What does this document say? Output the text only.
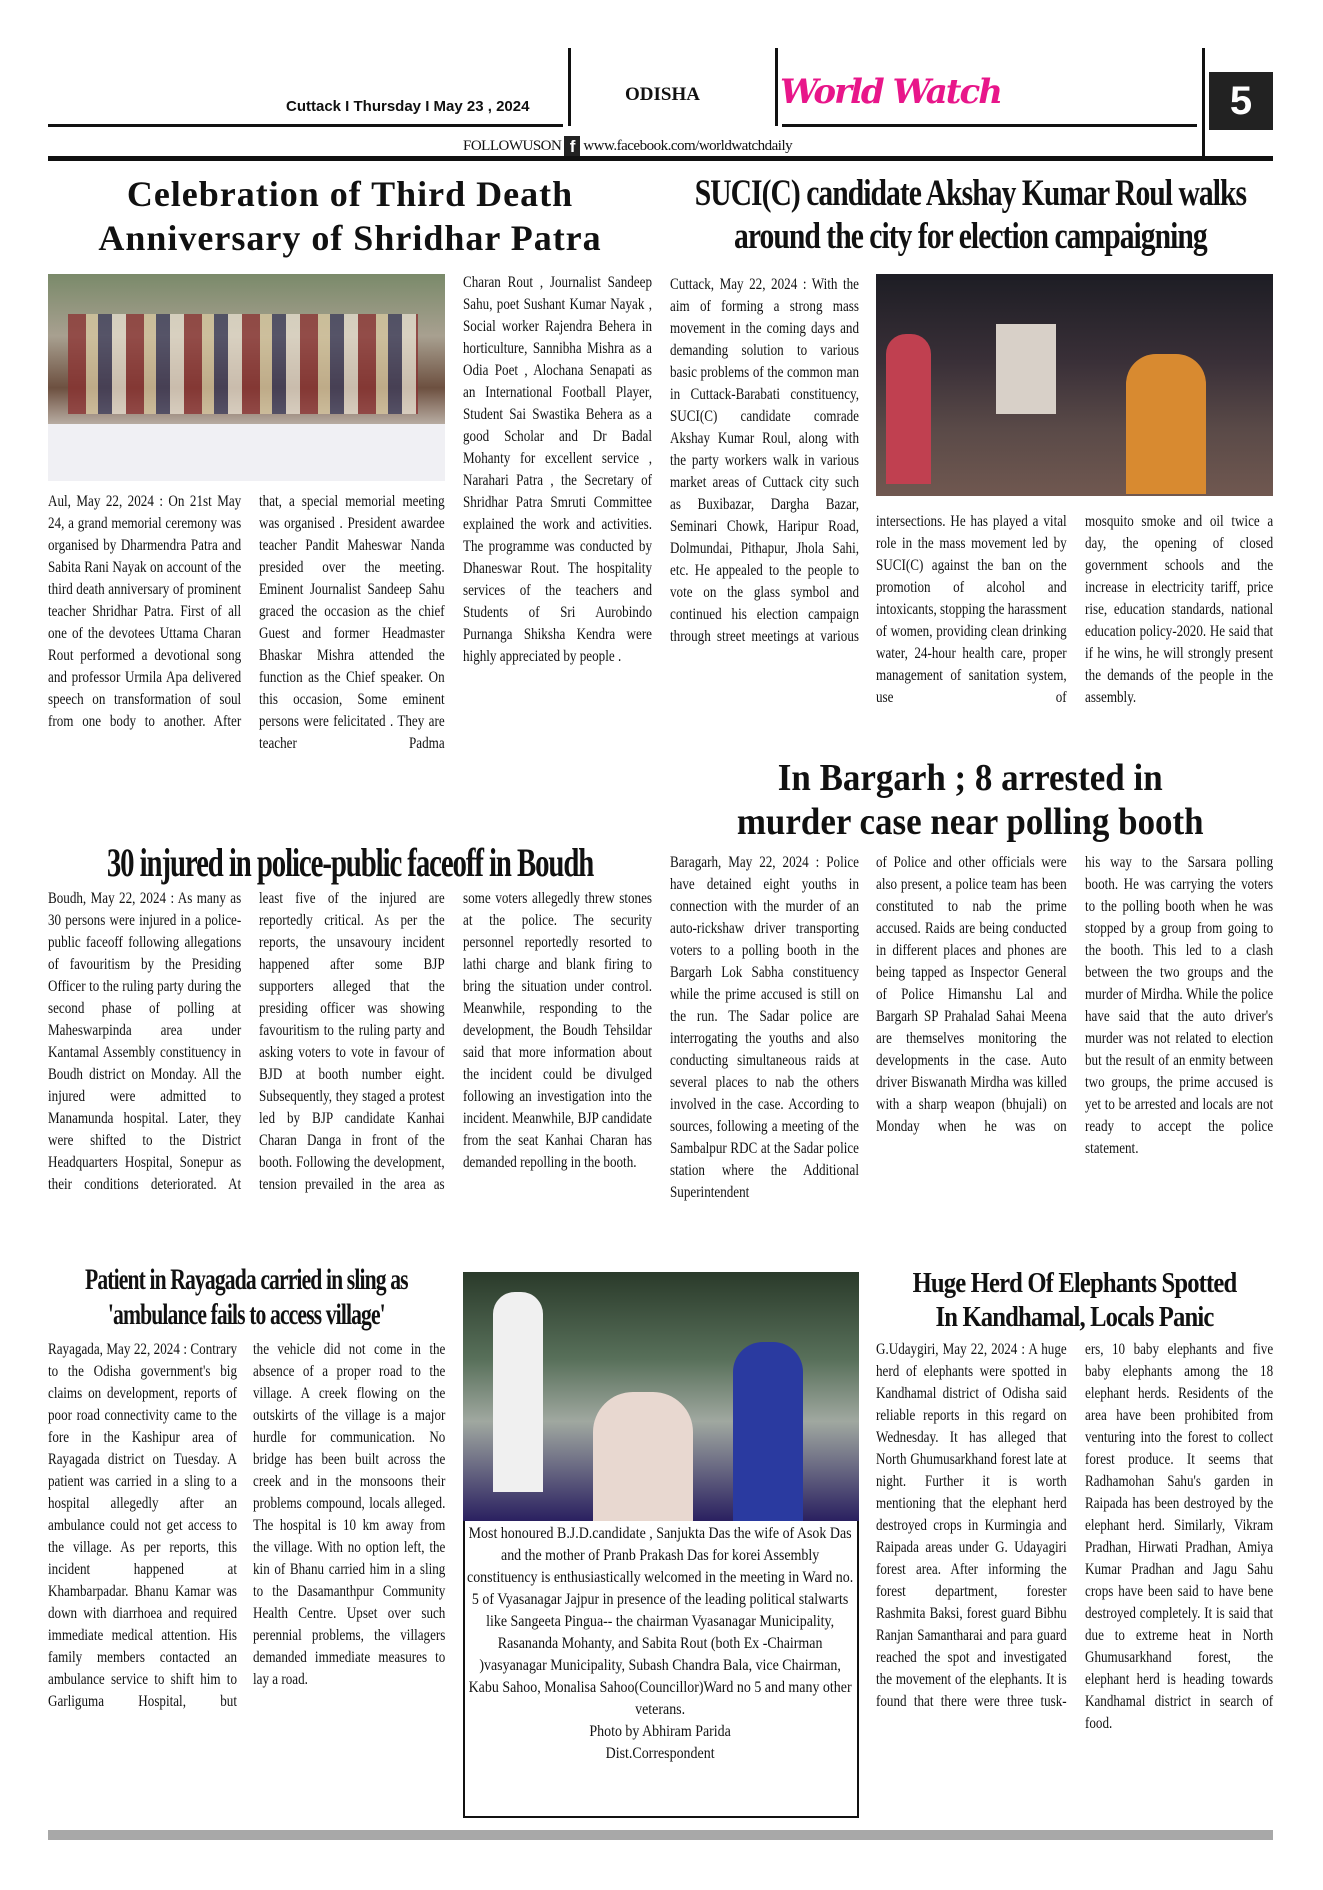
Cuttack I Thursday I May 23 , 2024
ODISHA World Watch	5
FOLLOWUSON f www.facebook.com/worldwatchdaily
Celebration of Third Death
Anniversary of Shridhar Patra
Aul, May 22, 2024 : On 21st May 24, a grand memorial ceremony was organised by Dharmendra Patra and Sabita Rani Nayak on account of the third death anniversary of prominent teacher Shridhar Patra. First of all one of the devotees Uttama Charan Rout performed a devotional song and professor Urmila Apa delivered speech on transformation of soul from one body to another. After
that, a special memorial meeting was organised . President awardee teacher Pandit Maheswar Nanda presided over the meeting. Eminent Journalist Sandeep Sahu graced the occasion as the chief Guest and former Headmaster Bhaskar Mishra attended the function as the Chief speaker. On this occasion, Some eminent persons were felicitated . They are teacher Padma
Charan Rout , Journalist Sandeep Sahu, poet Sushant Kumar Nayak , Social worker Rajendra Behera in horticulture, Sannibha Mishra as a Odia Poet , Alochana Senapati as an International Football Player, Student Sai Swastika Behera as a good Scholar and Dr Badal Mohanty for excellent service , Narahari Patra , the Secretary of Shridhar Patra Smruti Committee explained the work and activities. The programme was conducted by Dhaneswar Rout. The hospitality services of the teachers and Students of Sri Aurobindo Purnanga Shiksha Kendra were highly appreciated by people .
SUCI(C) candidate Akshay Kumar Roul walks
around the city for election campaigning
Cuttack, May 22, 2024 : With the aim of forming a strong mass movement in the coming days and demanding solution to various basic problems of the common man in Cuttack-Barabati constituency, SUCI(C) candidate comrade Akshay Kumar Roul, along with the party workers walk in various market areas of Cuttack city such as Buxibazar, Dargha Bazar, Seminari Chowk, Haripur Road, Dolmundai, Pithapur, Jhola Sahi, etc. He appealed to the people to vote on the glass symbol and continued his election campaign through street meetings at various
intersections. He has played a vital role in the mass movement led by SUCI(C) against the ban on the promotion of alcohol and intoxicants, stopping the harassment of women, providing clean drinking water, 24-hour health care, proper management of sanitation system, use of
mosquito smoke and oil twice a day, the opening of closed government schools and the increase in electricity tariff, price rise, education standards, national education policy-2020. He said that if he wins, he will strongly present the demands of the people in the assembly.
In Bargarh ; 8 arrested in
murder case near polling booth
Baragarh, May 22, 2024 : Police have detained eight youths in connection with the murder of an auto-rickshaw driver transporting voters to a polling booth in the Bargarh Lok Sabha constituency while the prime accused is still on the run. The Sadar police are interrogating the youths and also conducting simultaneous raids at several places to nab the others involved in the case. According to sources, following a meeting of the Sambalpur RDC at the Sadar police station where the Additional Superintendent
of Police and other officials were also present, a police team has been constituted to nab the prime accused. Raids are being conducted in different places and phones are being tapped as Inspector General of Police Himanshu Lal and Bargarh SP Prahalad Sahai Meena are themselves monitoring the developments in the case. Auto driver Biswanath Mirdha was killed with a sharp weapon (bhujali) on Monday when he was on
his way to the Sarsara polling booth. He was carrying the voters to the polling booth when he was stopped by a group from going to the booth. This led to a clash between the two groups and the murder of Mirdha. While the police have said that the auto driver's murder was not related to election but the result of an enmity between two groups, the prime accused is yet to be arrested and locals are not ready to accept the police statement.
30 injured in police-public faceoff in Boudh
Boudh, May 22, 2024 : As many as 30 persons were injured in a police-public faceoff following allegations of favouritism by the Presiding Officer to the ruling party during the second phase of polling at Maheswarpinda area under Kantamal Assembly constituency in Boudh district on Monday. All the injured were admitted to Manamunda hospital. Later, they were shifted to the District Headquarters Hospital, Sonepur as their conditions deteriorated. At
least five of the injured are reportedly critical. As per the reports, the unsavoury incident happened after some BJP supporters alleged that the presiding officer was showing favouritism to the ruling party and asking voters to vote in favour of BJD at booth number eight. Subsequently, they staged a protest led by BJP candidate Kanhai Charan Danga in front of the booth. Following the development, tension prevailed in the area as
some voters allegedly threw stones at the police. The security personnel reportedly resorted to lathi charge and blank firing to bring the situation under control. Meanwhile, responding to the development, the Boudh Tehsildar said that more information about the incident could be divulged following an investigation into the incident. Meanwhile, BJP candidate from the seat Kanhai Charan has demanded repolling in the booth.
Patient in Rayagada carried in sling as
'ambulance fails to access village'
Rayagada, May 22, 2024 : Contrary to the Odisha government's big claims on development, reports of poor road connectivity came to the fore in the Kashipur area of Rayagada district on Tuesday. A patient was carried in a sling to a hospital allegedly after an ambulance could not get access to the village. As per reports, this incident happened at Khambarpadar. Bhanu Kamar was down with diarrhoea and required immediate medical attention. His family members contacted an ambulance service to shift him to Garliguma Hospital, but
the vehicle did not come in the absence of a proper road to the village. A creek flowing on the outskirts of the village is a major hurdle for communication. No bridge has been built across the creek and in the monsoons their problems compound, locals alleged. The hospital is 10 km away from the village. With no option left, the kin of Bhanu carried him in a sling to the Dasamanthpur Community Health Centre. Upset over such perennial problems, the villagers demanded immediate measures to lay a road.
Most honoured B.J.D.candidate , Sanjukta Das the wife of Asok Das and the mother of Pranb Prakash Das for korei Assembly constituency is enthusiastically welcomed in the meeting in Ward no. 5 of Vyasanagar Jajpur in presence of the leading political stalwarts like Sangeeta Pingua-- the chairman Vyasanagar Municipality, Rasananda Mohanty, and Sabita Rout (both Ex -Chairman )vasyanagar Municipality, Subash Chandra Bala, vice Chairman, Kabu Sahoo, Monalisa Sahoo(Councillor)Ward no 5 and many other veterans.
Photo by Abhiram Parida
Dist.Correspondent
Huge Herd Of Elephants Spotted
In Kandhamal, Locals Panic
G.Udaygiri, May 22, 2024 : A huge herd of elephants were spotted in Kandhamal district of Odisha said reliable reports in this regard on Wednesday. It has alleged that North Ghumusarkhand forest late at night. Further it is worth mentioning that the elephant herd destroyed crops in Kurmingia and Raipada areas under G. Udayagiri forest area. After informing the forest department, forester Rashmita Baksi, forest guard Bibhu Ranjan Samantharai and para guard reached the spot and investigated the movement of the elephants. It is found that there were three tusk-
ers, 10 baby elephants and five baby elephants among the 18 elephant herds. Residents of the area have been prohibited from venturing into the forest to collect forest produce. It seems that Radhamohan Sahu's garden in Raipada has been destroyed by the elephant herd. Similarly, Vikram Pradhan, Hirwati Pradhan, Amiya Kumar Pradhan and Jagu Sahu crops have been said to have bene destroyed completely. It is said that due to extreme heat in North Ghumusarkhand forest, the elephant herd is heading towards Kandhamal district in search of food.
